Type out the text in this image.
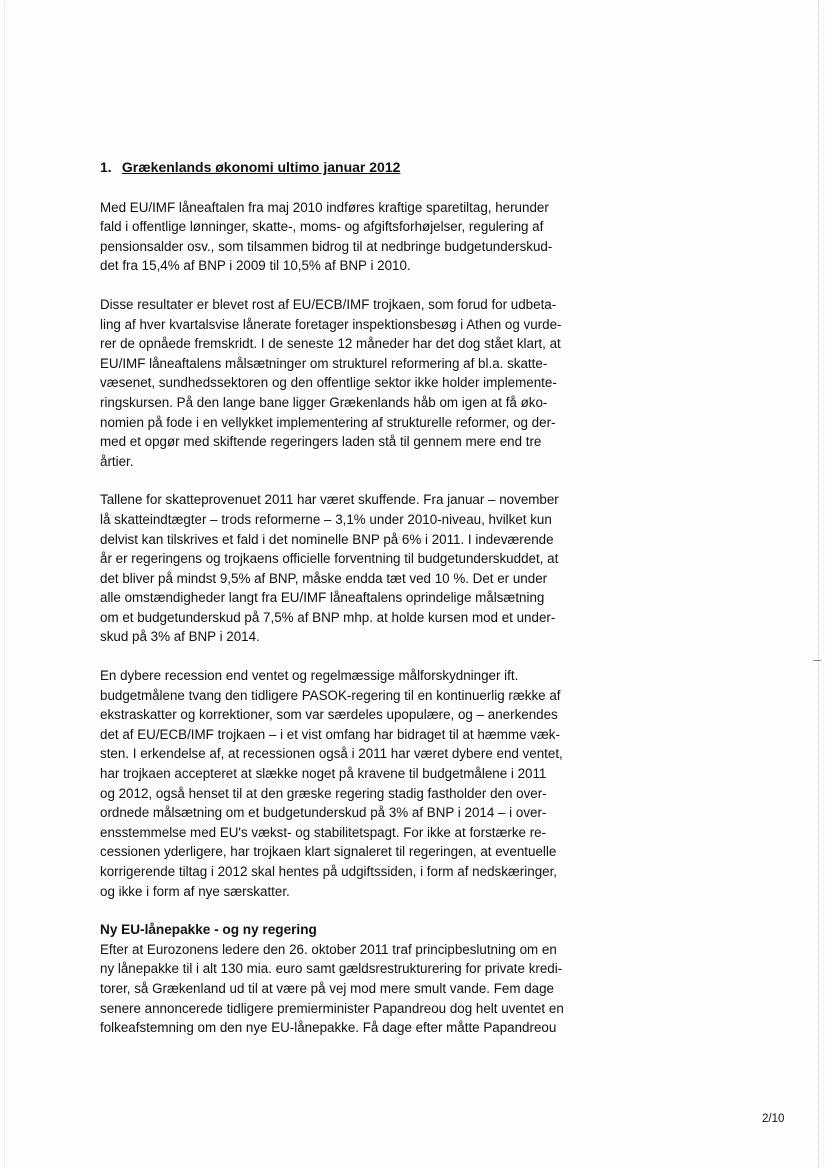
1. Grækenlands økonomi ultimo januar 2012
Med EU/IMF låneaftalen fra maj 2010 indføres kraftige sparetiltag, herunder
fald i offentlige lønninger, skatte-, moms- og afgiftsforhøjelser, regulering af
pensionsalder osv., som tilsammen bidrog til at nedbringe budgetunderskud-
det fra 15,4% af BNP i 2009 til 10,5% af BNP i 2010.
Disse resultater er blevet rost af EU/ECB/IMF trojkaen, som forud for udbeta-
ling af hver kvartalsvise lånerate foretager inspektionsbesøg i Athen og vurde-
rer de opnåede fremskridt. I de seneste 12 måneder har det dog stået klart, at
EU/IMF låneaftalens målsætninger om strukturel reformering af bl.a. skatte-
væsenet, sundhedssektoren og den offentlige sektor ikke holder implemente-
ringskursen. På den lange bane ligger Grækenlands håb om igen at få øko-
nomien på fode i en vellykket implementering af strukturelle reformer, og der-
med et opgør med skiftende regeringers laden stå til gennem mere end tre
årtier.
Tallene for skatteprovenuet 2011 har været skuffende. Fra januar – november
lå skatteindtægter – trods reformerne – 3,1% under 2010-niveau, hvilket kun
delvist kan tilskrives et fald i det nominelle BNP på 6% i 2011. I indeværende
år er regeringens og trojkaens officielle forventning til budgetunderskuddet, at
det bliver på mindst 9,5% af BNP, måske endda tæt ved 10 %. Det er under
alle omstændigheder langt fra EU/IMF låneaftalens oprindelige målsætning
om et budgetunderskud på 7,5% af BNP mhp. at holde kursen mod et under-
skud på 3% af BNP i 2014.
En dybere recession end ventet og regelmæssige målforskydninger ift.
budgetmålene tvang den tidligere PASOK-regering til en kontinuerlig række af
ekstraskatter og korrektioner, som var særdeles upopulære, og – anerkendes
det af EU/ECB/IMF trojkaen – i et vist omfang har bidraget til at hæmme væk-
sten. I erkendelse af, at recessionen også i 2011 har været dybere end ventet,
har trojkaen accepteret at slække noget på kravene til budgetmålene i 2011
og 2012, også henset til at den græske regering stadig fastholder den over-
ordnede målsætning om et budgetunderskud på 3% af BNP i 2014 – i over-
ensstemmelse med EU's vækst- og stabilitetspagt. For ikke at forstærke re-
cessionen yderligere, har trojkaen klart signaleret til regeringen, at eventuelle
korrigerende tiltag i 2012 skal hentes på udgiftssiden, i form af nedskæringer,
og ikke i form af nye særskatter.
Ny EU-lånepakke - og ny regering
Efter at Eurozonens ledere den 26. oktober 2011 traf principbeslutning om en
ny lånepakke til i alt 130 mia. euro samt gældsrestrukturering for private kredi-
torer, så Grækenland ud til at være på vej mod mere smult vande. Fem dage
senere annoncerede tidligere premierminister Papandreou dog helt uventet en
folkeafstemning om den nye EU-lånepakke. Få dage efter måtte Papandreou
2/10
